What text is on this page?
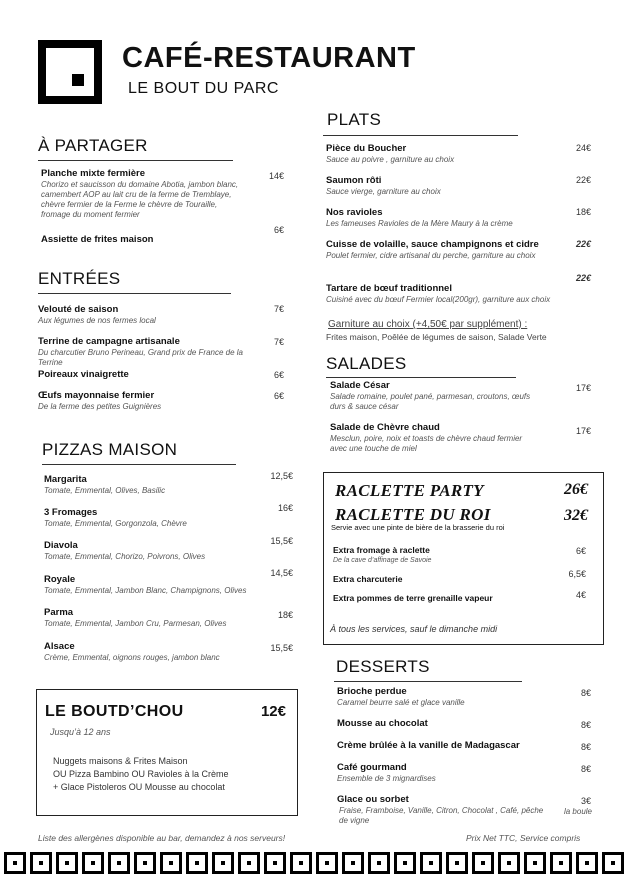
CAFÉ-RESTAURANT
LE BOUT DU PARC
À PARTAGER
Planche mixte fermière
Chorizo et saucisson du domaine Abotia, jambon blanc, camembert AOP au lait cru de la ferme de Tremblaye, chèvre fermier de la Ferme le chèvre de Touraille, fromage du moment fermier
14€
Assiette de frites maison
6€
ENTRÉES
Velouté de saison
Aux légumes de nos fermes local
7€
Terrine de campagne artisanale
Du charcutier Bruno Perineau, Grand prix de France de la Terrine
7€
Poireaux vinaigrette	6€
Œufs mayonnaise fermier
De la ferme des petites Guignières
6€
PIZZAS MAISON
Margarita
Tomate, Emmental, Olives, Basilic
12,5€
3 Fromages
Tomate, Emmental, Gorgonzola, Chèvre
16€
Diavola
Tomate, Emmental, Chorizo, Poivrons, Olives
15,5€
Royale
Tomate, Emmental, Jambon Blanc, Champignons, Olives
14,5€
Parma
Tomate, Emmental, Jambon Cru, Parmesan, Olives
18€
Alsace
Crème, Emmental, oignons rouges, jambon blanc
15,5€
LE BOUTD’CHOU	12€
Jusqu’à 12 ans
Nuggets maisons & Frites Maison
OU Pizza Bambino OU Ravioles à la Crème
+ Glace Pistoleros OU Mousse au chocolat
PLATS
Pièce du Boucher
Sauce au poivre , garniture au choix
24€
Saumon rôti
Sauce vierge, garniture au choix
22€
Nos ravioles
Les fameuses Ravioles de la Mère Maury à la crème
18€
Cuisse de volaille, sauce champignons et cidre
Poulet fermier, cidre artisanal du perche, garniture au choix
22€
Tartare de bœuf traditionnel
Cuisiné avec du bœuf Fermier local(200gr), garniture aux choix
22€
Garniture au choix (+4,50€ par supplément) :
Frites maison, Poêlée de légumes de saison, Salade Verte
SALADES
Salade César
Salade romaine, poulet pané, parmesan, croutons, œufs durs & sauce césar
17€
Salade de Chèvre chaud
Mesclun, poire, noix et toasts de chèvre chaud fermier avec une touche de miel
17€
RACLETTE PARTY	26€
RACLETTE DU ROI	32€
Servie avec une pinte de bière de la brasserie du roi
Extra fromage à raclette
De la cave d’affinage de Savoie
6€
Extra charcuterie	6,5€
Extra pommes de terre grenaille vapeur	4€
À tous les services, sauf le dimanche midi
DESSERTS
Brioche perdue
Caramel beurre salé et glace vanille
8€
Mousse au chocolat	8€
Crème brûlée à la vanille de Madagascar	8€
Café gourmand
Ensemble de 3 mignardises
8€
Glace ou sorbet
Fraise, Framboise, Vanille, Citron, Chocolat , Café, pêche de vigne
3€
la boule
Liste des allergènes disponible au bar, demandez à nos serveurs!	Prix Net TTC, Service compris
